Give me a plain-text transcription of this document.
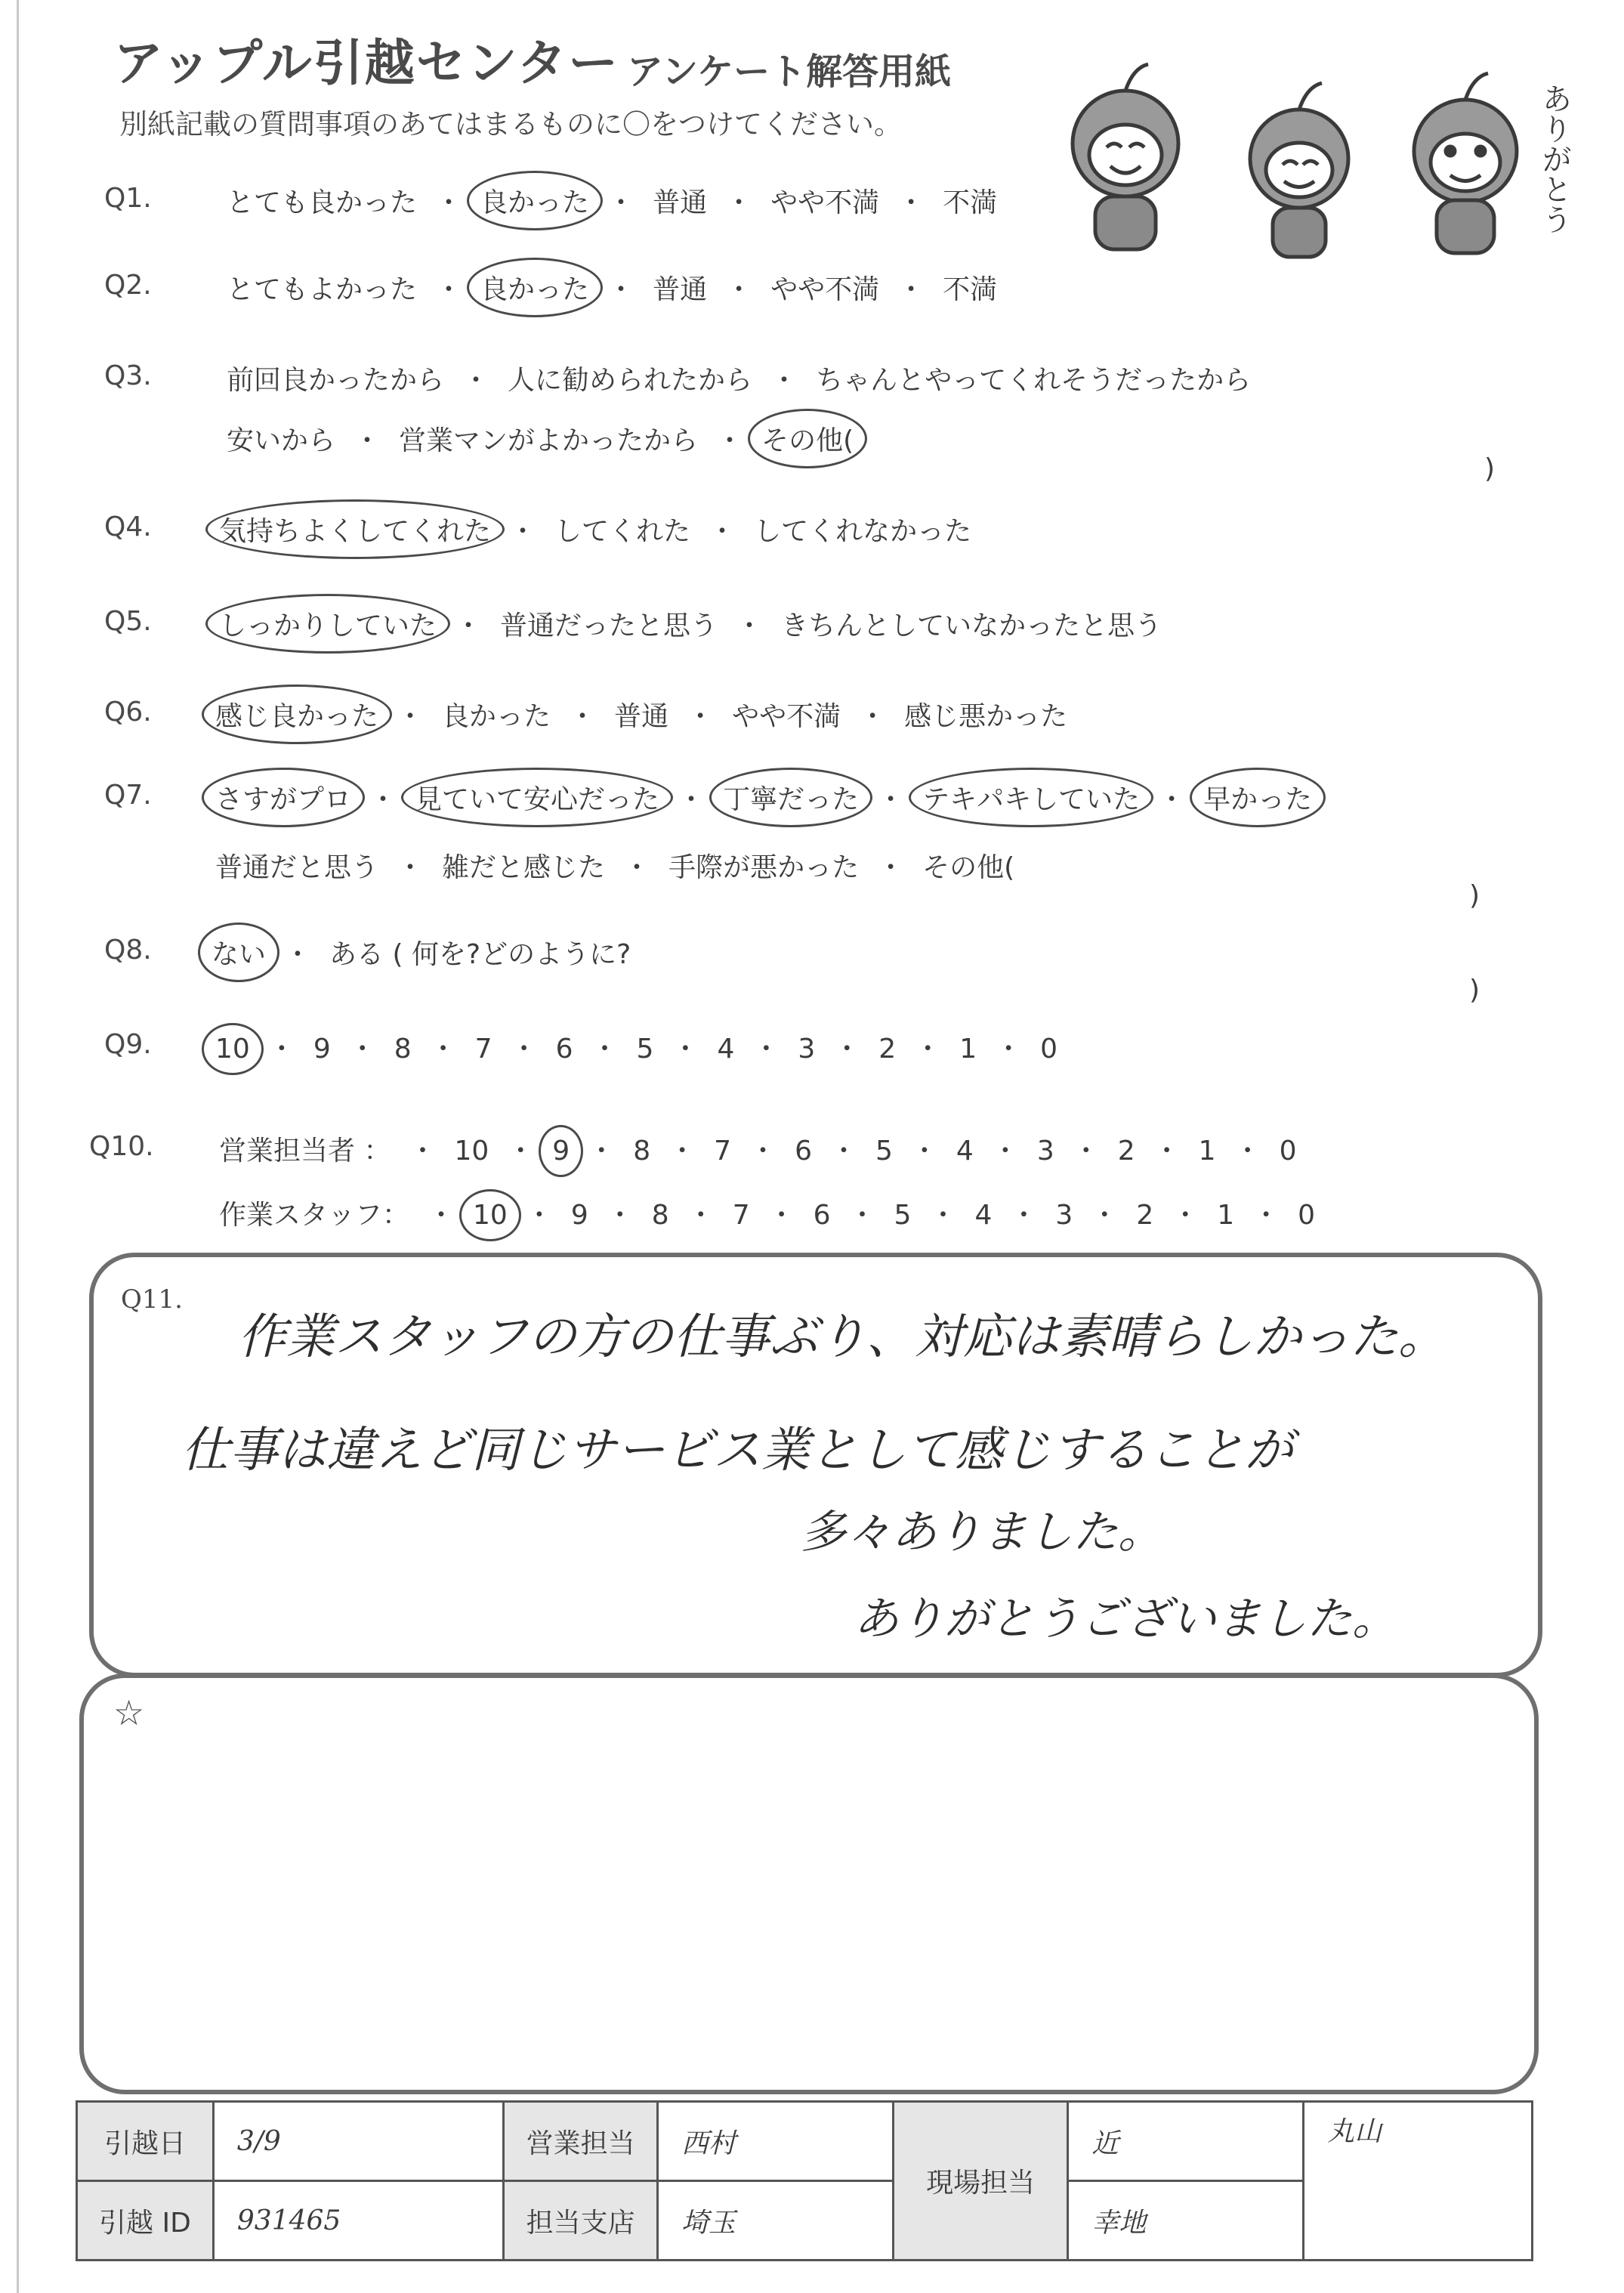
アップル引越センター アンケート解答用紙
別紙記載の質問事項のあてはまるものに〇をつけてください。	ありがとう
Q1.	とても良かった ・ 良かった ・ 普通 ・ やや不満 ・ 不満
Q2.	とてもよかった ・ 良かった ・ 普通 ・ やや不満 ・ 不満
Q3.	前回良かったから ・ 人に勧められたから ・ ちゃんとやってくれそうだったから
安いから ・ 営業マンがよかったから ・ その他(
Q4. 気持ちよくしてくれた ・ してくれた ・ してくれなかった
Q5. しっかりしていた ・ 普通だったと思う ・ きちんとしていなかったと思う
Q6. 感じ良かった ・ 良かった ・ 普通 ・ やや不満 ・ 感じ悪かった
Q7. さすがプロ ・ 見ていて安心だった ・ 丁寧だった ・ テキパキしていた ・ 早かった
普通だと思う ・ 雑だと感じた ・ 手際が悪かった ・ その他(
Q8. ない ・ ある ( 何を?どのように?
Q9. 10 ・ 9 ・ 8 ・ 7 ・ 6 ・ 5 ・ 4 ・ 3 ・ 2 ・ 1 ・ 0
Q10. 営業担当者 ： ・ 10 ・ 9 ・ 8 ・ 7 ・ 6 ・ 5 ・ 4 ・ 3 ・ 2 ・ 1 ・ 0
作業スタッフ： ・ 10 ・ 9 ・ 8 ・ 7 ・ 6 ・ 5 ・ 4 ・ 3 ・ 2 ・ 1 ・ 0
)
)
)
Q11.
作業スタッフの方の仕事ぶり、対応は素晴らしかった。
仕事は違えど同じサービス業として感じすることが
多々ありました。
ありがとうございました。
☆
引越日	3/9	営業担当	西村	現場担当	近	丸山
引越 ID	931465	担当支店	埼玉		幸地	
